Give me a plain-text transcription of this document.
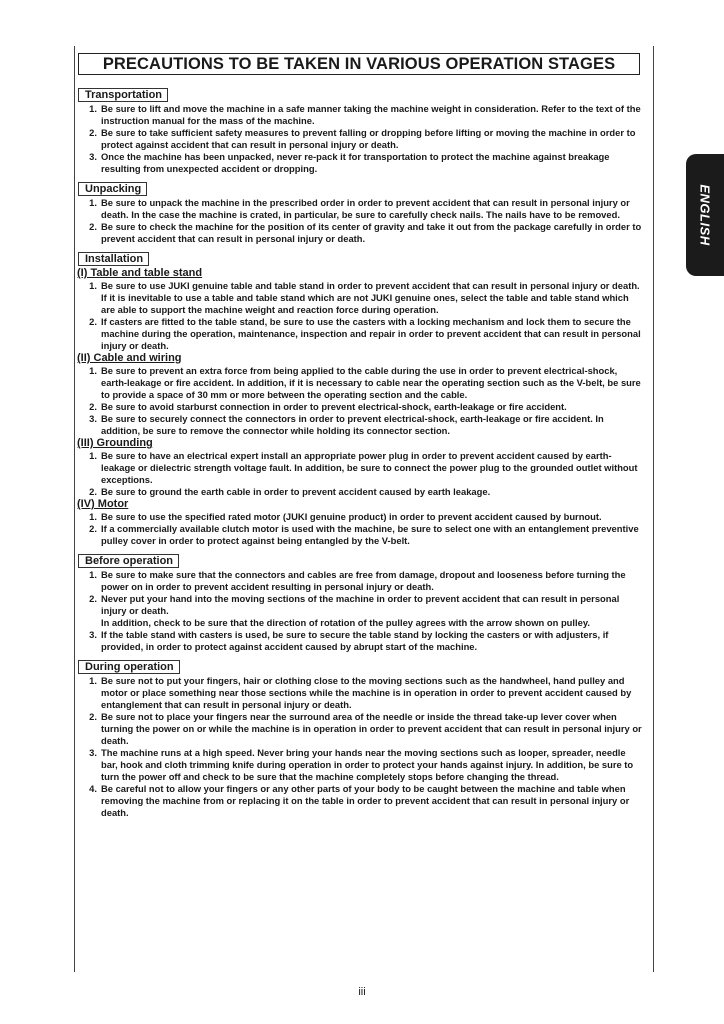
PRECAUTIONS TO BE TAKEN IN VARIOUS OPERATION STAGES
Transportation
1. Be sure to lift and move the machine in a safe manner taking the machine weight in consideration. Refer to the text of the instruction manual for the mass of the machine.
2. Be sure to take sufficient safety measures to prevent falling or dropping before lifting or moving the machine in order to protect against accident that can result in personal injury or death.
3. Once the machine has been unpacked, never re-pack it for transportation to protect the machine against breakage resulting from unexpected accident or dropping.
Unpacking
1. Be sure to unpack the machine in the prescribed order in order to prevent accident that can result in personal injury or death. In the case the machine is crated, in particular, be sure to carefully check nails. The nails have to be removed.
2. Be sure to check the machine for the position of its center of gravity and take it out from the package carefully in order to prevent accident that can result in personal injury or death.
Installation
(I) Table and table stand
1. Be sure to use JUKI genuine table and table stand in order to prevent accident that can result in personal injury or death. If it is inevitable to use a table and table stand which are not JUKI genuine ones, select the table and table stand which are able to support the machine weight and reaction force during operation.
2. If casters are fitted to the table stand, be sure to use the casters with a locking mechanism and lock them to secure the machine during the operation, maintenance, inspection and repair in order to prevent accident that can result in personal injury or death.
(II) Cable and wiring
1. Be sure to prevent an extra force from being applied to the cable during the use in order to prevent electrical-shock, earth-leakage or fire accident. In addition, if it is necessary to cable near the operating section such as the V-belt, be sure to provide a space of 30 mm or more between the operating section and the cable.
2. Be sure to avoid starburst connection in order to prevent electrical-shock, earth-leakage or fire accident.
3. Be sure to securely connect the connectors in order to prevent electrical-shock, earth-leakage or fire accident. In addition, be sure to remove the connector while holding its connector section.
(III) Grounding
1. Be sure to have an electrical expert install an appropriate power plug in order to prevent accident caused by earth-leakage or dielectric strength voltage fault. In addition, be sure to connect the power plug to the grounded outlet without exceptions.
2. Be sure to ground the earth cable in order to prevent accident caused by earth leakage.
(IV) Motor
1. Be sure to use the specified rated motor (JUKI genuine product) in order to prevent accident caused by burnout.
2. If a commercially available clutch motor is used with the machine, be sure to select one with an entanglement preventive pulley cover in order to protect against being entangled by the V-belt.
Before operation
1. Be sure to make sure that the connectors and cables are free from damage, dropout and looseness before turning the power on in order to prevent accident resulting in personal injury or death.
2. Never put your hand into the moving sections of the machine in order to prevent accident that can result in personal injury or death.
In addition, check to be sure that the direction of rotation of the pulley agrees with the arrow shown on pulley.
3. If the table stand with casters is used, be sure to secure the table stand by locking the casters or with adjusters, if provided, in order to protect against accident caused by abrupt start of the machine.
During operation
1. Be sure not to put your fingers, hair or clothing close to the moving sections such as the handwheel, hand pulley and motor or place something near those sections while the machine is in operation in order to prevent accident caused by entanglement that can result in personal injury or death.
2. Be sure not to place your fingers near the surround area of the needle or inside the thread take-up lever cover when turning the power on or while the machine is in operation in order to prevent accident that can result in personal injury or death.
3. The machine runs at a high speed. Never bring your hands near the moving sections such as looper, spreader, needle bar, hook and cloth trimming knife during operation in order to protect your hands against injury. In addition, be sure to turn the power off and check to be sure that the machine completely stops before changing the thread.
4. Be careful not to allow your fingers or any other parts of your body to be caught between the machine and table when removing the machine from or replacing it on the table in order to prevent accident that can result in personal injury or death.
ENGLISH
iii
